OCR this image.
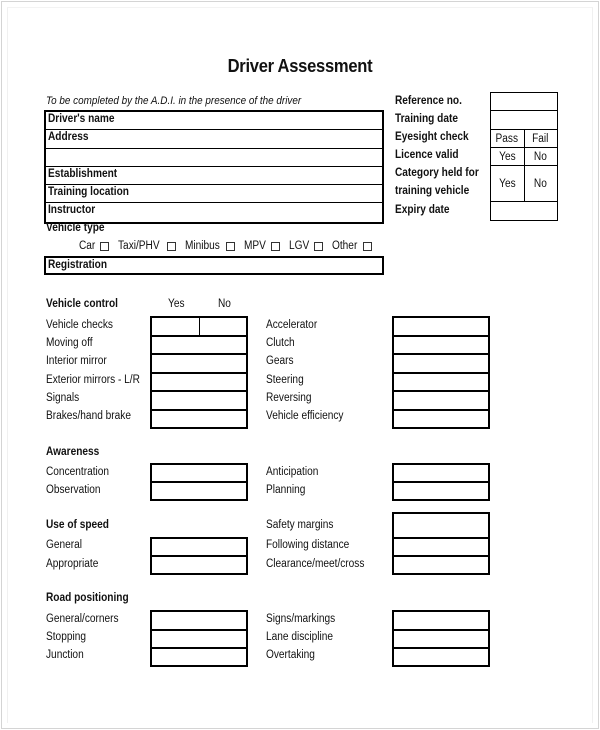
Driver Assessment
To be completed by the A.D.I. in the presence of the driver
Driver's name
Address
Establishment
Training location
Instructor
Vehicle type
Car Taxi/PHV Minibus MPV LGV Other
Registration
Reference no.
Training date
Eyesight check
Licence valid
Category held for
training vehicle
Expiry date
Pass Fail
Yes No
Yes No
Vehicle control	Yes	No
Vehicle checks
Moving off
Interior mirror
Exterior mirrors - L/R
Signals
Brakes/hand brake
Accelerator
Clutch
Gears
Steering
Reversing
Vehicle efficiency
Awareness
Concentration
Observation
Anticipation
Planning
Use of speed
General
Appropriate
Safety margins
Following distance
Clearance/meet/cross
Road positioning
General/corners
Stopping
Junction
Signs/markings
Lane discipline
Overtaking
